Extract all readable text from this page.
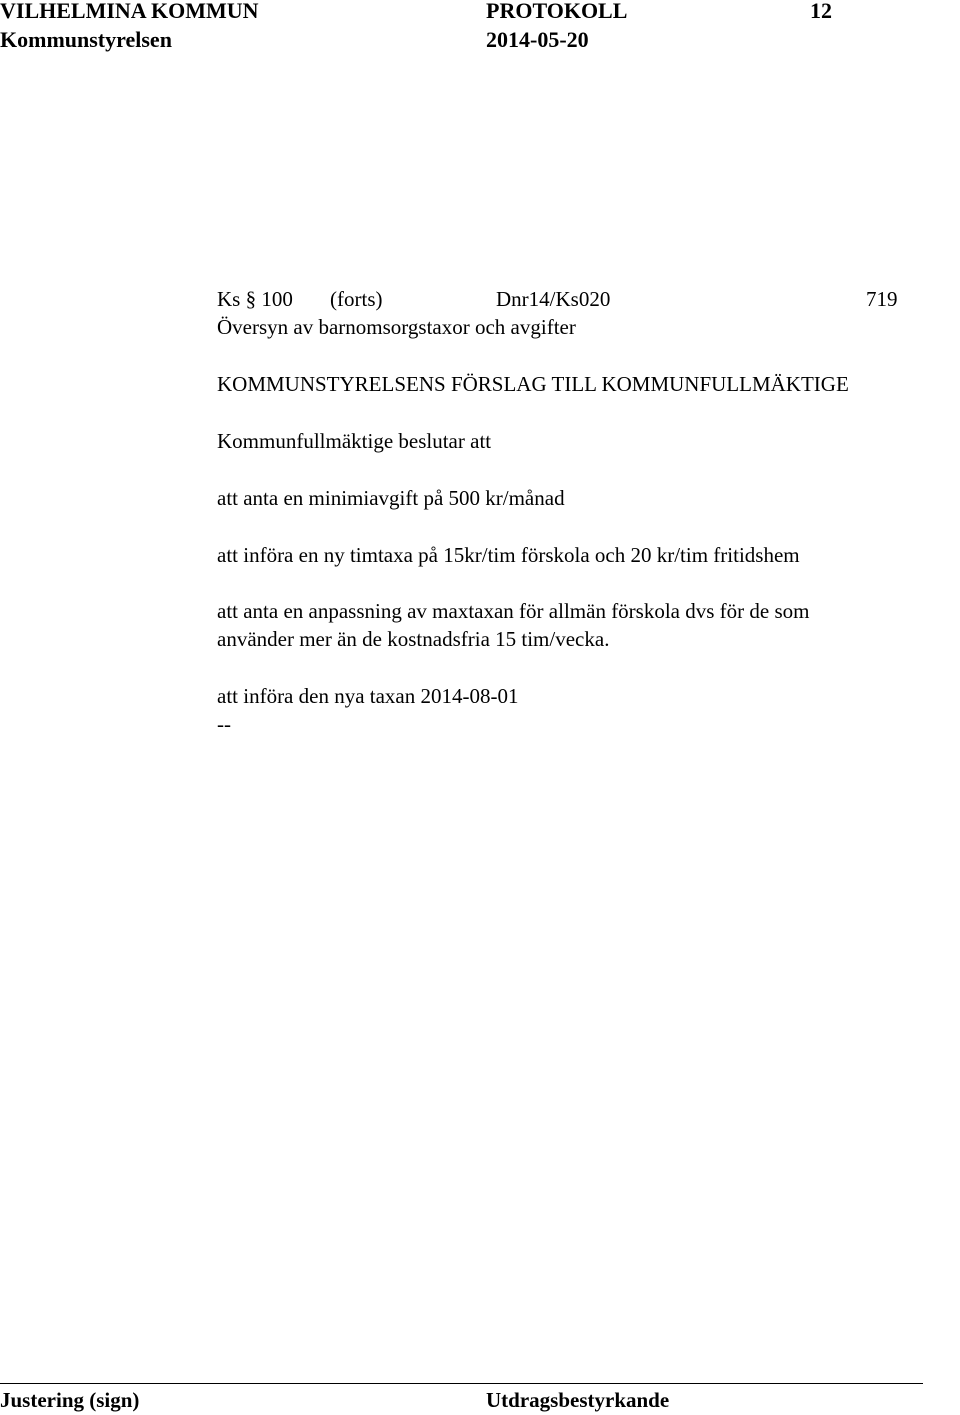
VILHELMINA KOMMUN	PROTOKOLL	12
Kommunstyrelsen	2014-05-20
Ks § 100 (forts)	Dnr14/Ks020	719
Översyn av barnomsorgstaxor och avgifter
KOMMUNSTYRELSENS FÖRSLAG TILL KOMMUNFULLMÄKTIGE
Kommunfullmäktige beslutar att
att anta en minimiavgift på 500 kr/månad
att införa en ny timtaxa på 15kr/tim förskola och 20 kr/tim fritidshem
att anta en anpassning av maxtaxan för allmän förskola dvs för de som
använder mer än de kostnadsfria 15 tim/vecka.
att införa den nya taxan 2014-08-01
--
Justering (sign)	Utdragsbestyrkande
